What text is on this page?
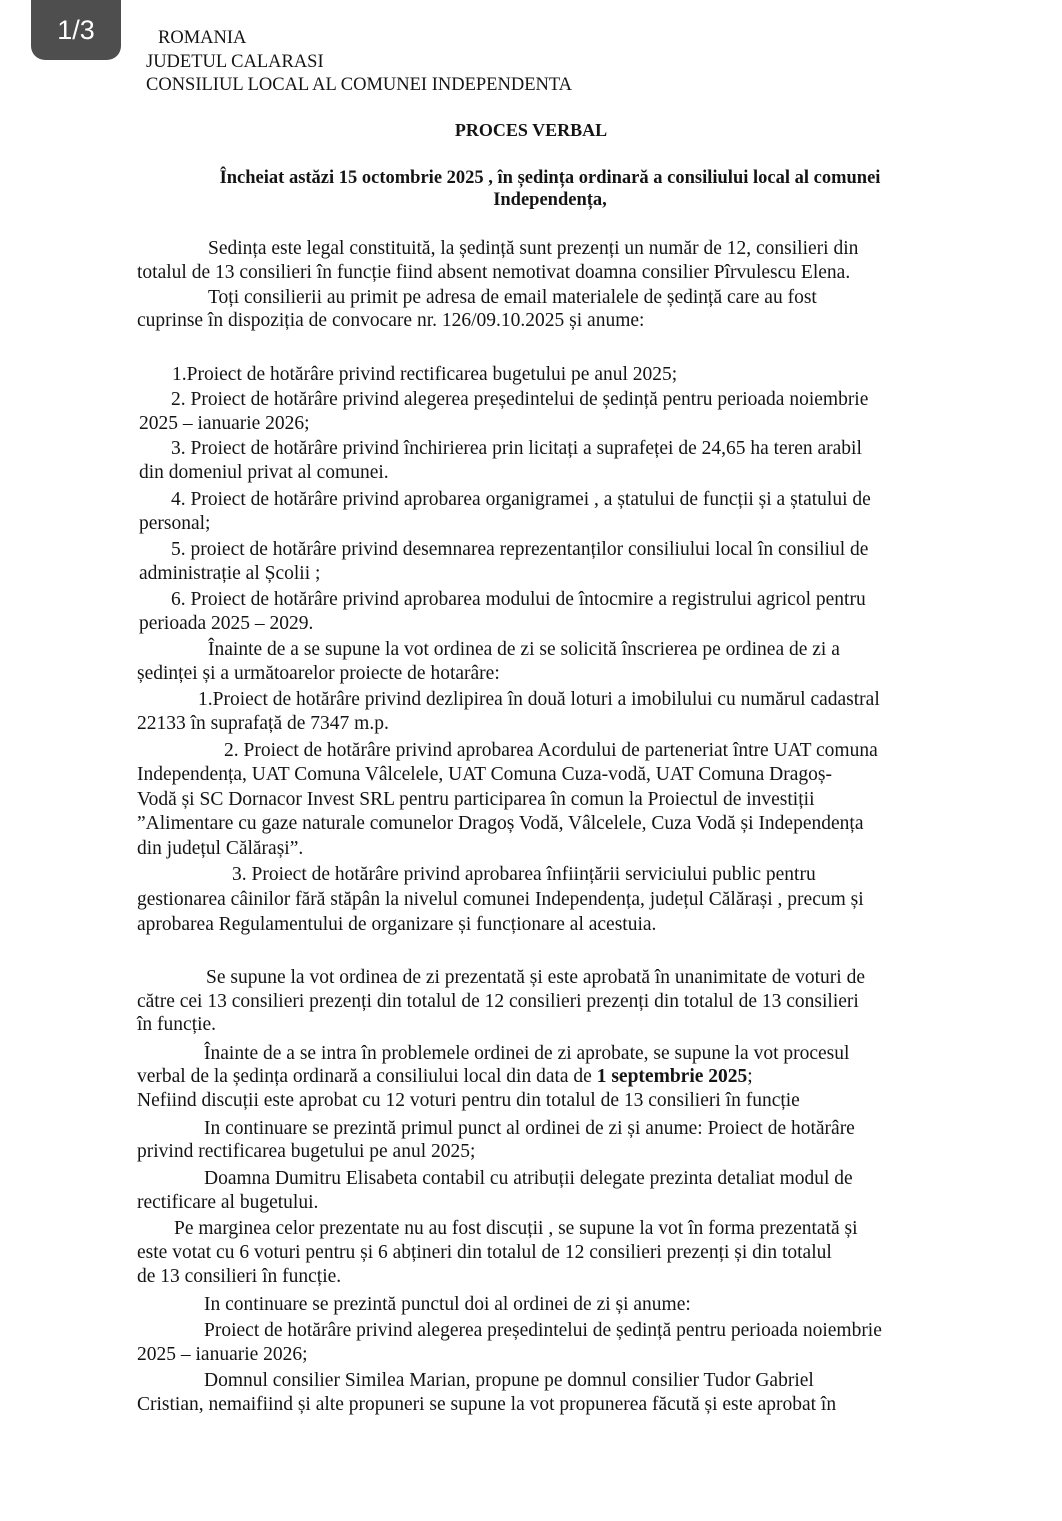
1/3	ROMANIA
JUDETUL CALARASI
CONSILIUL LOCAL AL COMUNEI INDEPENDENTA
PROCES VERBAL
Încheiat astăzi 15 octombrie 2025 , în ședința ordinară a consiliului local al comunei
Independența,
Sedința este legal constituită, la ședință sunt prezenți un număr de 12, consilieri din
totalul de 13 consilieri în funcție fiind absent nemotivat doamna consilier Pîrvulescu Elena.
Toți consilierii au primit pe adresa de email materialele de ședință care au fost
cuprinse în dispoziția de convocare nr. 126/09.10.2025 și anume:
1.Proiect de hotărâre privind rectificarea bugetului pe anul 2025;
2. Proiect de hotărâre privind alegerea președintelui de ședință pentru perioada noiembrie
2025 – ianuarie 2026;
3. Proiect de hotărâre privind închirierea prin licitați a suprafeței de 24,65 ha teren arabil
din domeniul privat al comunei.
4. Proiect de hotărâre privind aprobarea organigramei , a ștatului de funcții și a ștatului de
personal;
5. proiect de hotărâre privind desemnarea reprezentanților consiliului local în consiliul de
administrație al Școlii ;
6. Proiect de hotărâre privind aprobarea modului de întocmire a registrului agricol pentru
perioada 2025 – 2029.
Înainte de a se supune la vot ordinea de zi se solicită înscrierea pe ordinea de zi a
ședinței și a următoarelor proiecte de hotarâre:
1.Proiect de hotărâre privind dezlipirea în două loturi a imobilului cu numărul cadastral
22133 în suprafață de 7347 m.p.
2. Proiect de hotărâre privind aprobarea Acordului de parteneriat între UAT comuna
Independența, UAT Comuna Vâlcelele, UAT Comuna Cuza-vodă, UAT Comuna Dragoș-
Vodă și SC Dornacor Invest SRL pentru participarea în comun la Proiectul de investiții
”Alimentare cu gaze naturale comunelor Dragoș Vodă, Vâlcelele, Cuza Vodă și Independența
din județul Călărași”.
3. Proiect de hotărâre privind aprobarea înființării serviciului public pentru
gestionarea câinilor fără stăpân la nivelul comunei Independența, județul Călărași , precum și
aprobarea Regulamentului de organizare și funcționare al acestuia.
Se supune la vot ordinea de zi prezentată și este aprobată în unanimitate de voturi de
către cei 13 consilieri prezenți din totalul de 12 consilieri prezenți din totalul de 13 consilieri
în funcție.
Înainte de a se intra în problemele ordinei de zi aprobate, se supune la vot procesul
verbal de la ședința ordinară a consiliului local din data de 1 septembrie 2025;
Nefiind discuții este aprobat cu 12 voturi pentru din totalul de 13 consilieri în funcție
In continuare se prezintă primul punct al ordinei de zi și anume: Proiect de hotărâre
privind rectificarea bugetului pe anul 2025;
Doamna Dumitru Elisabeta contabil cu atribuții delegate prezinta detaliat modul de
rectificare al bugetului.
Pe marginea celor prezentate nu au fost discuții , se supune la vot în forma prezentată și
este votat cu 6 voturi pentru și 6 abțineri din totalul de 12 consilieri prezenți și din totalul
de 13 consilieri în funcție.
In continuare se prezintă punctul doi al ordinei de zi și anume:
Proiect de hotărâre privind alegerea președintelui de ședință pentru perioada noiembrie
2025 – ianuarie 2026;
Domnul consilier Similea Marian, propune pe domnul consilier Tudor Gabriel
Cristian, nemaifiind și alte propuneri se supune la vot propunerea făcută și este aprobat în
